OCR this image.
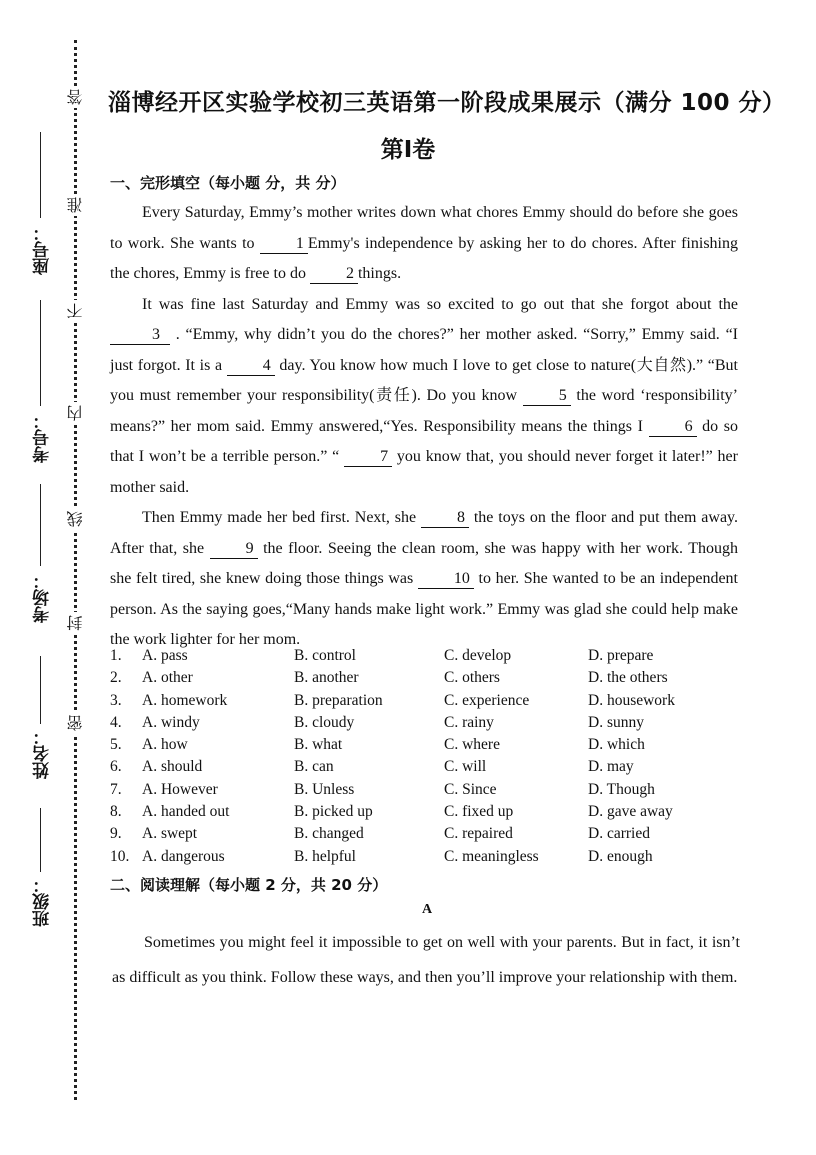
班级：
姓名：
考场：
考号：
座号：
答
准
不
内
线
封
密
淄博经开区实验学校初三英语第一阶段成果展示（满分 100 分）
第Ⅰ卷
一、完形填空（每小题 分，共 分）

Every Saturday, Emmy’s mother writes down what chores Emmy should do before she goes to work. She wants to 1 Emmy's independence by asking her to do chores. After finishing the chores, Emmy is free to do 2 things.

It was fine last Saturday and Emmy was so excited to go out that she forgot about the 3 . “Emmy, why didn’t you do the chores?” her mother asked. “Sorry,” Emmy said. “I just forgot. It is a 4 day. You know how much I love to get close to nature(大自然).” “But you must remember your responsibility(责任). Do you know 5 the word ‘responsibility’ means?” her mom said. Emmy answered,“Yes. Responsibility means the things I 6 do so that I won’t be a terrible person.” “ 7 you know that, you should never forget it later!” her mother said.

Then Emmy made her bed first. Next, she 8 the toys on the floor and put them away. After that, she 9 the floor. Seeing the clean room, she was happy with her work. Though she felt tired, she knew doing those things was 10 to her. She wanted to be an independent person. As the saying goes,“Many hands make light work.” Emmy was glad she could help make the work lighter for her mom.

1.	A. pass	B. control	C. develop	D. prepare
2.	A. other	B. another	C. others	D. the others
3.	A. homework	B. preparation	C. experience	D. housework
4.	A. windy	B. cloudy	C. rainy	D. sunny
5.	A. how	B. what	C. where	D. which
6.	A. should	B. can	C. will	D. may
7.	A. However	B. Unless	C. Since	D. Though
8.	A. handed out	B. picked up	C. fixed up	D. gave away
9.	A. swept	B. changed	C. repaired	D. carried
10. A. dangerous	B. helpful	C. meaningless	D. enough
二、阅读理解（每小题 2 分，共 20 分）
A

Sometimes you might feel it impossible to get on well with your parents. But in fact, it isn’t as difficult as you think. Follow these ways, and then you’ll improve your relationship with them.
